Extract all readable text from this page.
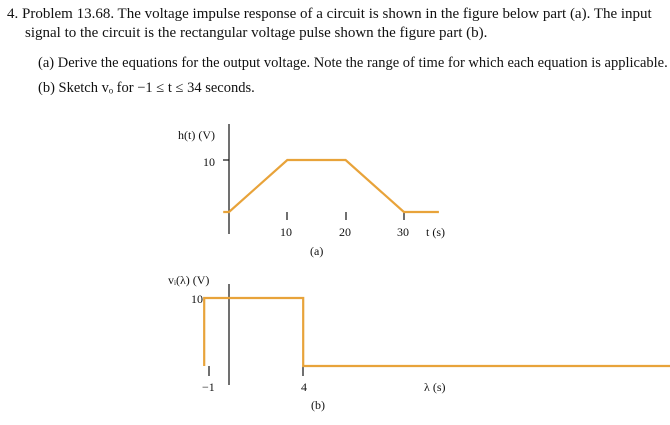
4. Problem 13.68. The voltage impulse response of a circuit is shown in the figure below part (a). The input
signal to the circuit is the rectangular voltage pulse shown the figure part (b).
(a) Derive the equations for the output voltage. Note the range of time for which each equation is applicable.
(b) Sketch vₒ for −1 ≤ t ≤ 34 seconds.
h(t) (V)
10
10	20	30 t (s)
(a)
vᵢ(λ) (V)
10
−1	4	λ (s)
(b)
